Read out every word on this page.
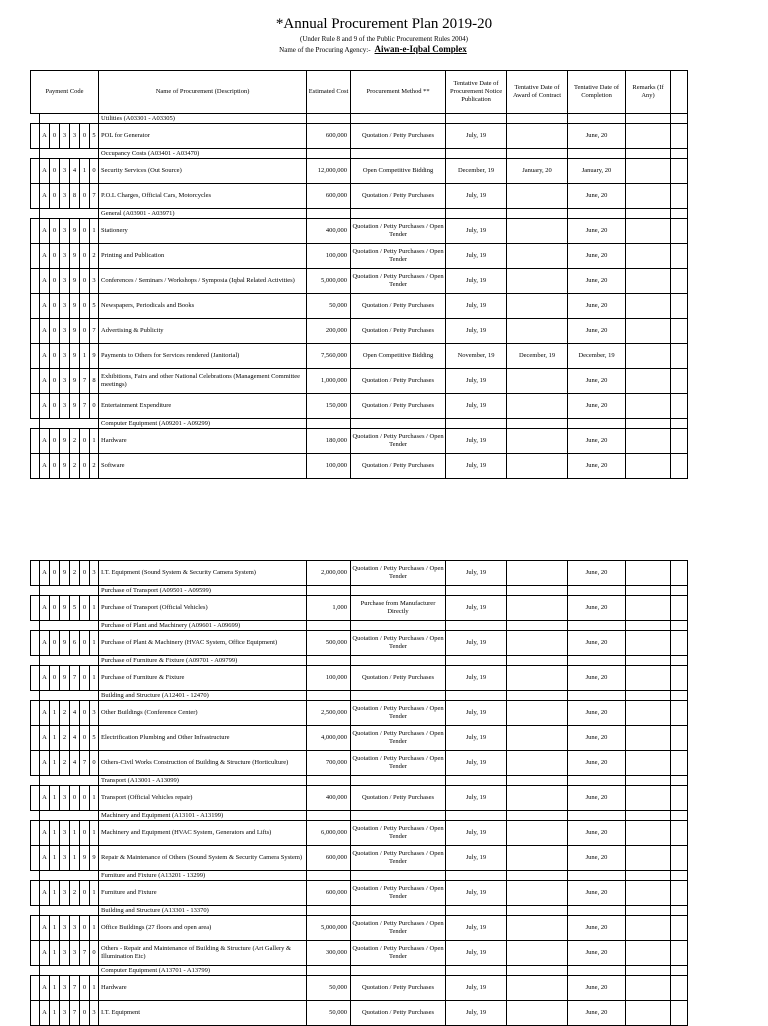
*Annual Procurement Plan 2019-20
(Under Rule 8 and 9 of the Public Procurement Rules 2004)
Name of the Procuring Agency:- Aiwan-e-Iqbal Complex
Payment Code							Name of Procurement (Description)	Estimated Cost	Procurement Method **	Tentative Date of Procurement Notice Publication	Tentative Date of Award of Contract	Tentative Date of Completion	Remarks (If Any)	
							Utilities (A03301 - A03305)							
	A	0	3	3	0	5	POL for Generator	600,000	Quotation / Petty Purchases	July, 19		June, 20		
							Occupancy Costs (A03401 - A03470)							
	A	0	3	4	1	0	Security Services (Out Source)	12,000,000	Open Competitive Bidding	December, 19	January, 20	January, 20		
	A	0	3	8	0	7	P.O.L Charges, Official Cars, Motorcycles	600,000	Quotation / Petty Purchases	July, 19		June, 20		
							General (A03901 - A03971)							
	A	0	3	9	0	1	Stationery	400,000	Quotation / Petty Purchases / Open Tender	July, 19		June, 20		
	A	0	3	9	0	2	Printing and Publication	100,000	Quotation / Petty Purchases / Open Tender	July, 19		June, 20		
	A	0	3	9	0	3	Conferences / Seminars / Workshops / Symposia (Iqbal Related Activities)	5,000,000	Quotation / Petty Purchases / Open Tender	July, 19		June, 20		
	A	0	3	9	0	5	Newspapers, Periodicals and Books	50,000	Quotation / Petty Purchases	July, 19		June, 20		
	A	0	3	9	0	7	Advertising & Publicity	200,000	Quotation / Petty Purchases	July, 19		June, 20		
	A	0	3	9	1	9	Payments to Others for Services rendered (Janitorial)	7,560,000	Open Competitive Bidding	November, 19	December, 19	December, 19		
	A	0	3	9	7	8	Exhibitions, Fairs and other National Celebrations (Management Committee meetings)	1,000,000	Quotation / Petty Purchases	July, 19		June, 20		
	A	0	3	9	7	0	Entertainment Expenditure	150,000	Quotation / Petty Purchases	July, 19		June, 20		
							Computer Equipment (A09201 - A09299)							
	A	0	9	2	0	1	Hardware	180,000	Quotation / Petty Purchases / Open Tender	July, 19		June, 20		
	A	0	9	2	0	2	Software	100,000	Quotation / Petty Purchases	July, 19		June, 20		
	A	0	9	2	0	3	I.T. Equipment (Sound System & Security Camera System)	2,000,000	Quotation / Petty Purchases / Open Tender	July, 19		June, 20		
							Purchase of Transport (A09501 - A09599)							
	A	0	9	5	0	1	Purchase of Transport (Official Vehicles)	1,000	Purchase from Manufacturer Directly	July, 19		June, 20		
							Purchase of Plant and Machinery (A09601 - A09699)							
	A	0	9	6	0	1	Purchase of Plant & Machinery (HVAC System, Office Equipment)	500,000	Quotation / Petty Purchases / Open Tender	July, 19		June, 20		
							Purchase of Furniture & Fixture (A09701 - A09799)							
	A	0	9	7	0	1	Purchase of Furniture & Fixture	100,000	Quotation / Petty Purchases	July, 19		June, 20		
							Building and Structure (A12401 - 12470)							
	A	1	2	4	0	3	Other Buildings (Conference Center)	2,500,000	Quotation / Petty Purchases / Open Tender	July, 19		June, 20		
	A	1	2	4	0	5	Electrification Plumbing and Other Infrastructure	4,000,000	Quotation / Petty Purchases / Open Tender	July, 19		June, 20		
	A	1	2	4	7	0	Others-Civil Works Construction of Building & Structure (Horticulture)	700,000	Quotation / Petty Purchases / Open Tender	July, 19		June, 20		
							Transport (A13001 - A13099)							
	A	1	3	0	0	1	Transport (Official Vehicles repair)	400,000	Quotation / Petty Purchases	July, 19		June, 20		
							Machinery and Equipment (A13101 - A13199)							
	A	1	3	1	0	1	Machinery and Equipment (HVAC System, Generators and Lifts)	6,000,000	Quotation / Petty Purchases / Open Tender	July, 19		June, 20		
	A	1	3	1	9	9	Repair & Maintenance of Others (Sound System & Security Camera System)	600,000	Quotation / Petty Purchases / Open Tender	July, 19		June, 20		
							Furniture and Fixture (A13201 - 13299)							
	A	1	3	2	0	1	Furniture and Fixture	600,000	Quotation / Petty Purchases / Open Tender	July, 19		June, 20		
							Building and Structure (A13301 - 13370)							
	A	1	3	3	0	1	Office Buildings (27 floors and open area)	5,000,000	Quotation / Petty Purchases / Open Tender	July, 19		June, 20		
	A	1	3	3	7	0	Others - Repair and Maintenance of Building & Structure (Art Gallery & Illumination Etc)	300,000	Quotation / Petty Purchases / Open Tender	July, 19		June, 20		
							Computer Equipment (A13701 - A13799)							
	A	1	3	7	0	1	Hardware	50,000	Quotation / Petty Purchases	July, 19		June, 20		
	A	1	3	7	0	3	I.T. Equipment	50,000	Quotation / Petty Purchases	July, 19		June, 20		
